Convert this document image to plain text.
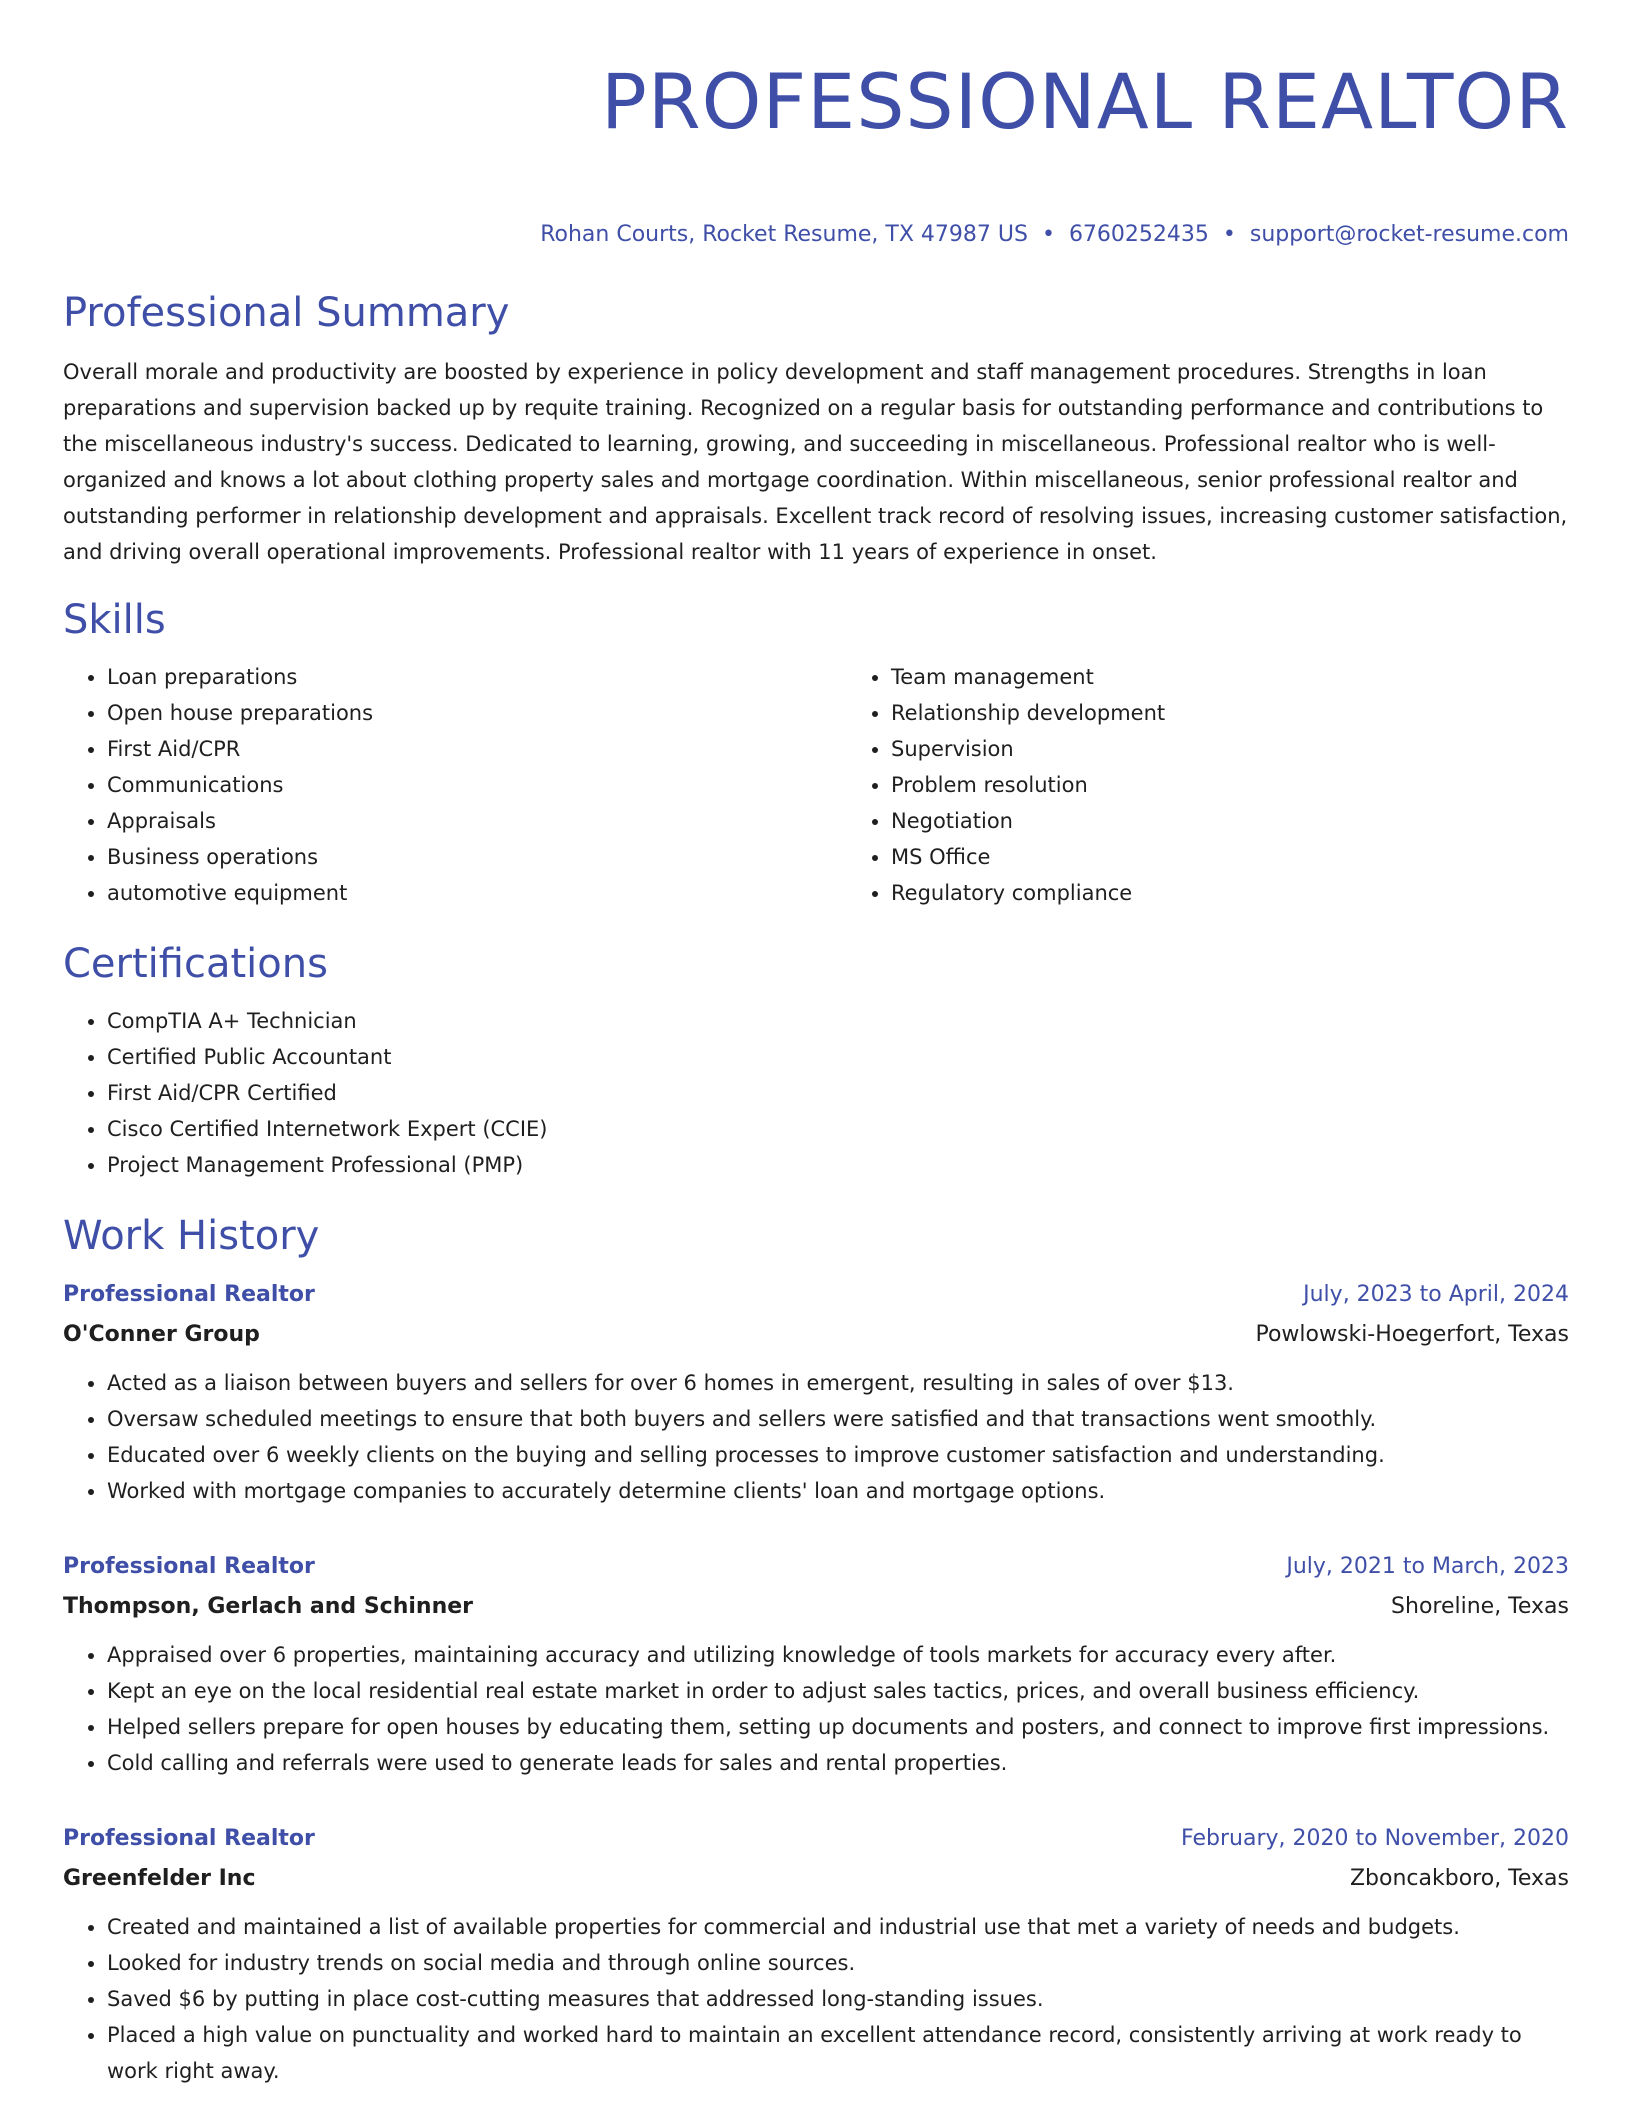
PROFESSIONAL REALTOR
Rohan Courts, Rocket Resume, TX 47987 US • 6760252435 • support@rocket-resume.com
Professional Summary

Overall morale and productivity are boosted by experience in policy development and staff management procedures. Strengths in loan preparations and supervision backed up by requite training. Recognized on a regular basis for outstanding performance and contributions to the miscellaneous industry's success. Dedicated to learning, growing, and succeeding in miscellaneous. Professional realtor who is well-organized and knows a lot about clothing property sales and mortgage coordination. Within miscellaneous, senior professional realtor and outstanding performer in relationship development and appraisals. Excellent track record of resolving issues, increasing customer satisfaction, and driving overall operational improvements. Professional realtor with 11 years of experience in onset.

Skills
• Loan preparations
• Open house preparations
• First Aid/CPR
• Communications
• Appraisals
• Business operations
• automotive equipment
• Team management
• Relationship development
• Supervision
• Problem resolution
• Negotiation
• MS Office
• Regulatory compliance
Certifications
• CompTIA A+ Technician
• Certified Public Accountant
• First Aid/CPR Certified
• Cisco Certified Internetwork Expert (CCIE)
• Project Management Professional (PMP)
Work History
Professional Realtor	July, 2023 to April, 2024
O'Conner Group	Powlowski-Hoegerfort, Texas
• Acted as a liaison between buyers and sellers for over 6 homes in emergent, resulting in sales of over $13.
• Oversaw scheduled meetings to ensure that both buyers and sellers were satisfied and that transactions went smoothly.
• Educated over 6 weekly clients on the buying and selling processes to improve customer satisfaction and understanding.
• Worked with mortgage companies to accurately determine clients' loan and mortgage options.
Professional Realtor	July, 2021 to March, 2023
Thompson, Gerlach and Schinner	Shoreline, Texas
• Appraised over 6 properties, maintaining accuracy and utilizing knowledge of tools markets for accuracy every after.
• Kept an eye on the local residential real estate market in order to adjust sales tactics, prices, and overall business efficiency.
• Helped sellers prepare for open houses by educating them, setting up documents and posters, and connect to improve first impressions.
• Cold calling and referrals were used to generate leads for sales and rental properties.
Professional Realtor	February, 2020 to November, 2020
Greenfelder Inc	Zboncakboro, Texas
• Created and maintained a list of available properties for commercial and industrial use that met a variety of needs and budgets.
• Looked for industry trends on social media and through online sources.
• Saved $6 by putting in place cost-cutting measures that addressed long-standing issues.
• Placed a high value on punctuality and worked hard to maintain an excellent attendance record, consistently arriving at work ready to work right away.
